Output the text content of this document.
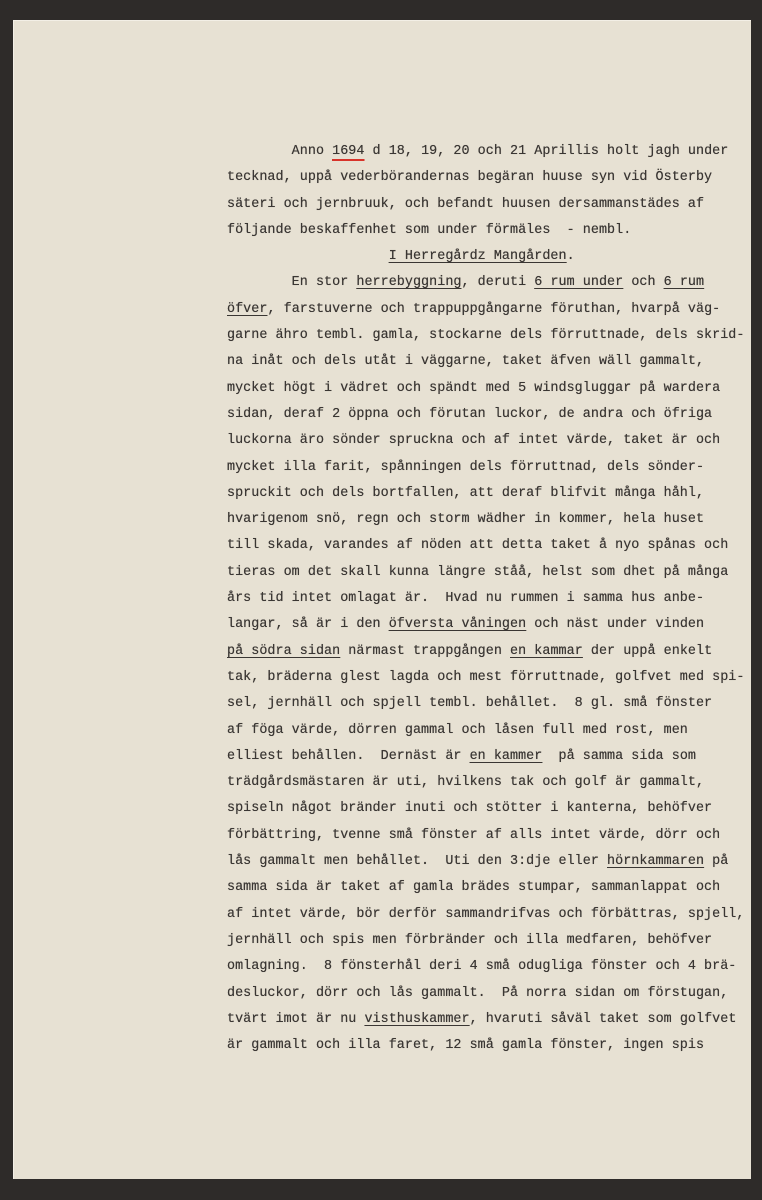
Anno 1694 d 18, 19, 20 och 21 Aprillis holt jagh under
tecknad, uppå vederbörandernas begäran huuse syn vid Österby
säteri och jernbruuk, och befandt huusen dersammanstädes af
följande beskaffenhet som under förmäles  - nembl.
I Herregårdz Mangården.
En stor herrebyggning, deruti 6 rum under och 6 rum
öfver, farstuverne och trappuppgångarne föruthan, hvarpå väg-
garne ähro tembl. gamla, stockarne dels förruttnade, dels skrid-
na inåt och dels utåt i väggarne, taket äfven wäll gammalt,
mycket högt i vädret och spändt med 5 windsgluggar på wardera
sidan, deraf 2 öppna och förutan luckor, de andra och öfriga
luckorna äro sönder spruckna och af intet värde, taket är och
mycket illa farit, spånningen dels förruttnad, dels sönder-
spruckit och dels bortfallen, att deraf blifvit många håhl,
hvarigenom snö, regn och storm wädher in kommer, hela huset
till skada, varandes af nöden att detta taket å nyo spånas och
tieras om det skall kunna längre ståå, helst som dhet på många
års tid intet omlagat är.  Hvad nu rummen i samma hus anbe-
langar, så är i den öfversta våningen och näst under vinden
på södra sidan närmast trappgången en kammar der uppå enkelt
tak, bräderna glest lagda och mest förruttnade, golfvet med spi-
sel, jernhäll och spjell tembl. behållet.  8 gl. små fönster
af föga värde, dörren gammal och låsen full med rost, men
elliest behållen.  Dernäst är en kammer  på samma sida som
trädgårdsmästaren är uti, hvilkens tak och golf är gammalt,
spiseln något bränder inuti och stötter i kanterna, behöfver
förbättring, tvenne små fönster af alls intet värde, dörr och
lås gammalt men behållet.  Uti den 3:dje eller hörnkammaren på
samma sida är taket af gamla brädes stumpar, sammanlappat och
af intet värde, bör derför sammandrifvas och förbättras, spjell,
jernhäll och spis men förbränder och illa medfaren, behöfver
omlagning.  8 fönsterhål deri 4 små odugliga fönster och 4 brä-
desluckor, dörr och lås gammalt.  På norra sidan om förstugan,
tvärt imot är nu visthuskammer, hvaruti såväl taket som golfvet
är gammalt och illa faret, 12 små gamla fönster, ingen spis
